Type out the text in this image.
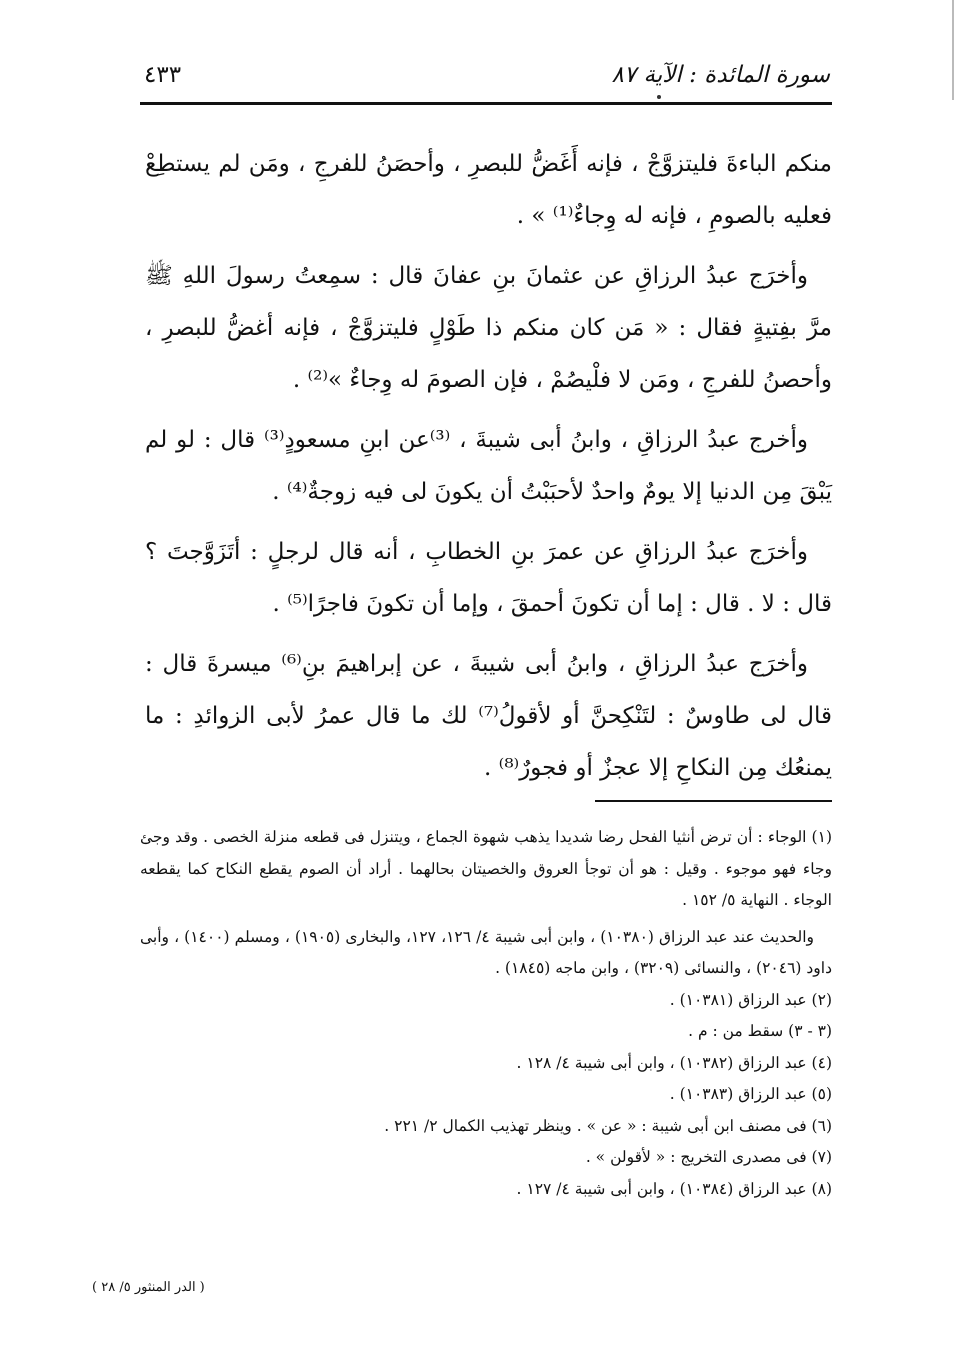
سورة المائدة : الآية ٨٧
٤٣٣

منكم الباءةَ فليتزوَّجْ ، فإنه أَغَضُّ للبصرِ ، وأحصَنُ للفرجِ ، ومَن لم يستطِعْ فعليه بالصومِ ، فإنه له وِجاءٌ⁽¹⁾ » .

وأخرَج عبدُ الرزاقِ عن عثمانَ بنِ عفانَ قال : سمِعتُ رسولَ اللهِ ﷺ مرَّ بفِتيةٍ فقال : « مَن كان منكم ذا طَوْلٍ فليتزوَّجْ ، فإنه أغضُّ للبصرِ ، وأحصنُ للفرجِ ، ومَن لا فلْيصُمْ ، فإن الصومَ له وِجاءٌ »⁽²⁾ .

وأخرج عبدُ الرزاقِ ، وابنُ أبى شيبةَ ، ⁽³⁾عن ابنِ مسعودٍ⁽³⁾ قال : لو لم يَبْقَ مِن الدنيا إلا يومٌ واحدٌ لأحبَبْتُ أن يكونَ لى فيه زوجةٌ⁽⁴⁾ .

وأخرَج عبدُ الرزاقِ عن عمرَ بنِ الخطابِ ، أنه قال لرجلٍ : أتَزَوَّجتَ ؟ قال : لا . قال : إما أن تكونَ أحمقَ ، وإما أن تكونَ فاجرًا⁽⁵⁾ .

وأخرَج عبدُ الرزاقِ ، وابنُ أبى شيبةَ ، عن إبراهيمَ بنِ⁽⁶⁾ ميسرةَ قال : قال لى طاوسٌ : لتَنْكِحنَّ أو لأقولُ⁽⁷⁾ لك ما قال عمرُ لأبى الزوائدِ : ما يمنعُك مِن النكاحِ إلا عجزٌ أو فجورٌ⁽⁸⁾ .

(١) الوجاء : أن ترض أنثيا الفحل رضا شديدا يذهب شهوة الجماع ، ويتنزل فى قطعه منزلة الخصى . وقد وجئ وجاء فهو موجوء . وقيل : هو أن توجأ العروق والخصيتان بحالهما . أراد أن الصوم يقطع النكاح كما يقطعه الوجاء . النهاية ٥/ ١٥٢ .

والحديث عند عبد الرزاق (١٠٣٨٠) ، وابن أبى شيبة ٤/ ١٢٦، ١٢٧، والبخارى (١٩٠٥) ، ومسلم (١٤٠٠) ، وأبى داود (٢٠٤٦) ، والنسائى (٣٢٠٩) ، وابن ماجه (١٨٤٥) .

(٢) عبد الرزاق (١٠٣٨١) .

(٣ - ٣) سقط من : م .

(٤) عبد الرزاق (١٠٣٨٢) ، وابن أبى شيبة ٤/ ١٢٨ .

(٥) عبد الرزاق (١٠٣٨٣) .

(٦) فى مصنف ابن أبى شيبة : « عن » . وينظر تهذيب الكمال ٢/ ٢٢١ .

(٧) فى مصدرى التخريج : « لأقولن » .

(٨) عبد الرزاق (١٠٣٨٤) ، وابن أبى شيبة ٤/ ١٢٧ .

( الدر المنثور ٥/ ٢٨ )
